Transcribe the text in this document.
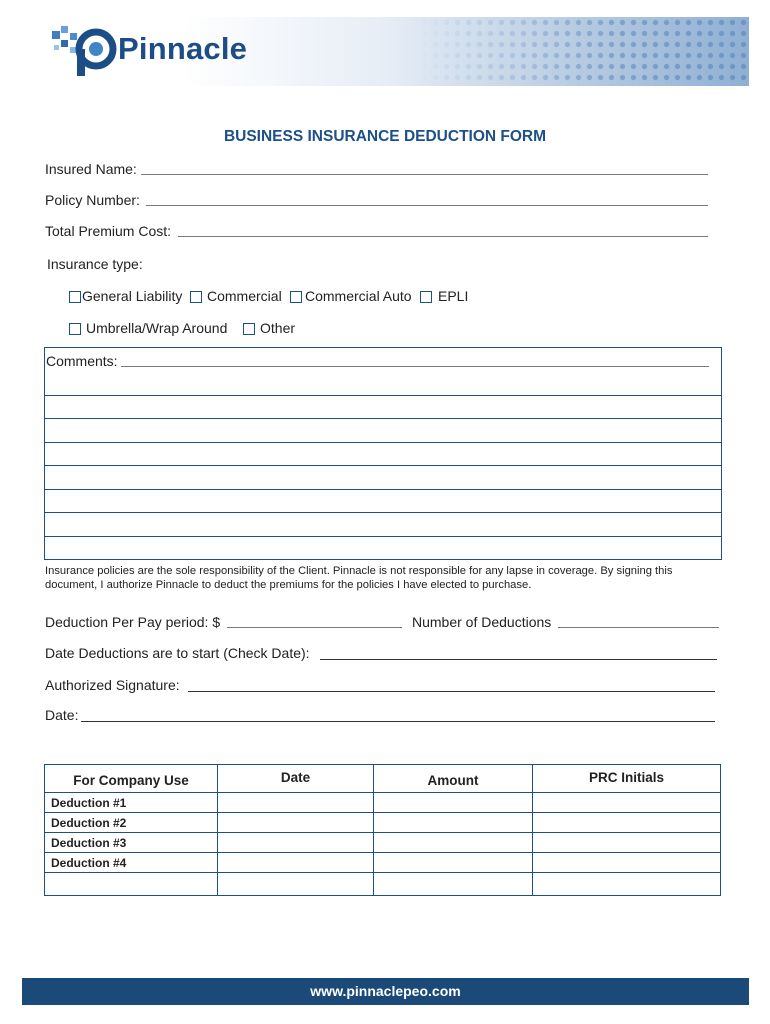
Pinnacle
BUSINESS INSURANCE DEDUCTION FORM
Insured Name:
Policy Number:
Total Premium Cost:
Insurance type:
General Liability Commercial Commercial Auto EPLI
Umbrella/Wrap Around Other
Comments:
Insurance policies are the sole responsibility of the Client. Pinnacle is not responsible for any lapse in coverage. By signing this document, I authorize Pinnacle to deduct the premiums for the policies I have elected to purchase.
Deduction Per Pay period: $	Number of Deductions
Date Deductions are to start (Check Date):
Authorized Signature:
Date:
For Company Use	Date	Amount	PRC Initials
Deduction #1			
Deduction #2			
Deduction #3			
Deduction #4			

www.pinnaclepeo.com
